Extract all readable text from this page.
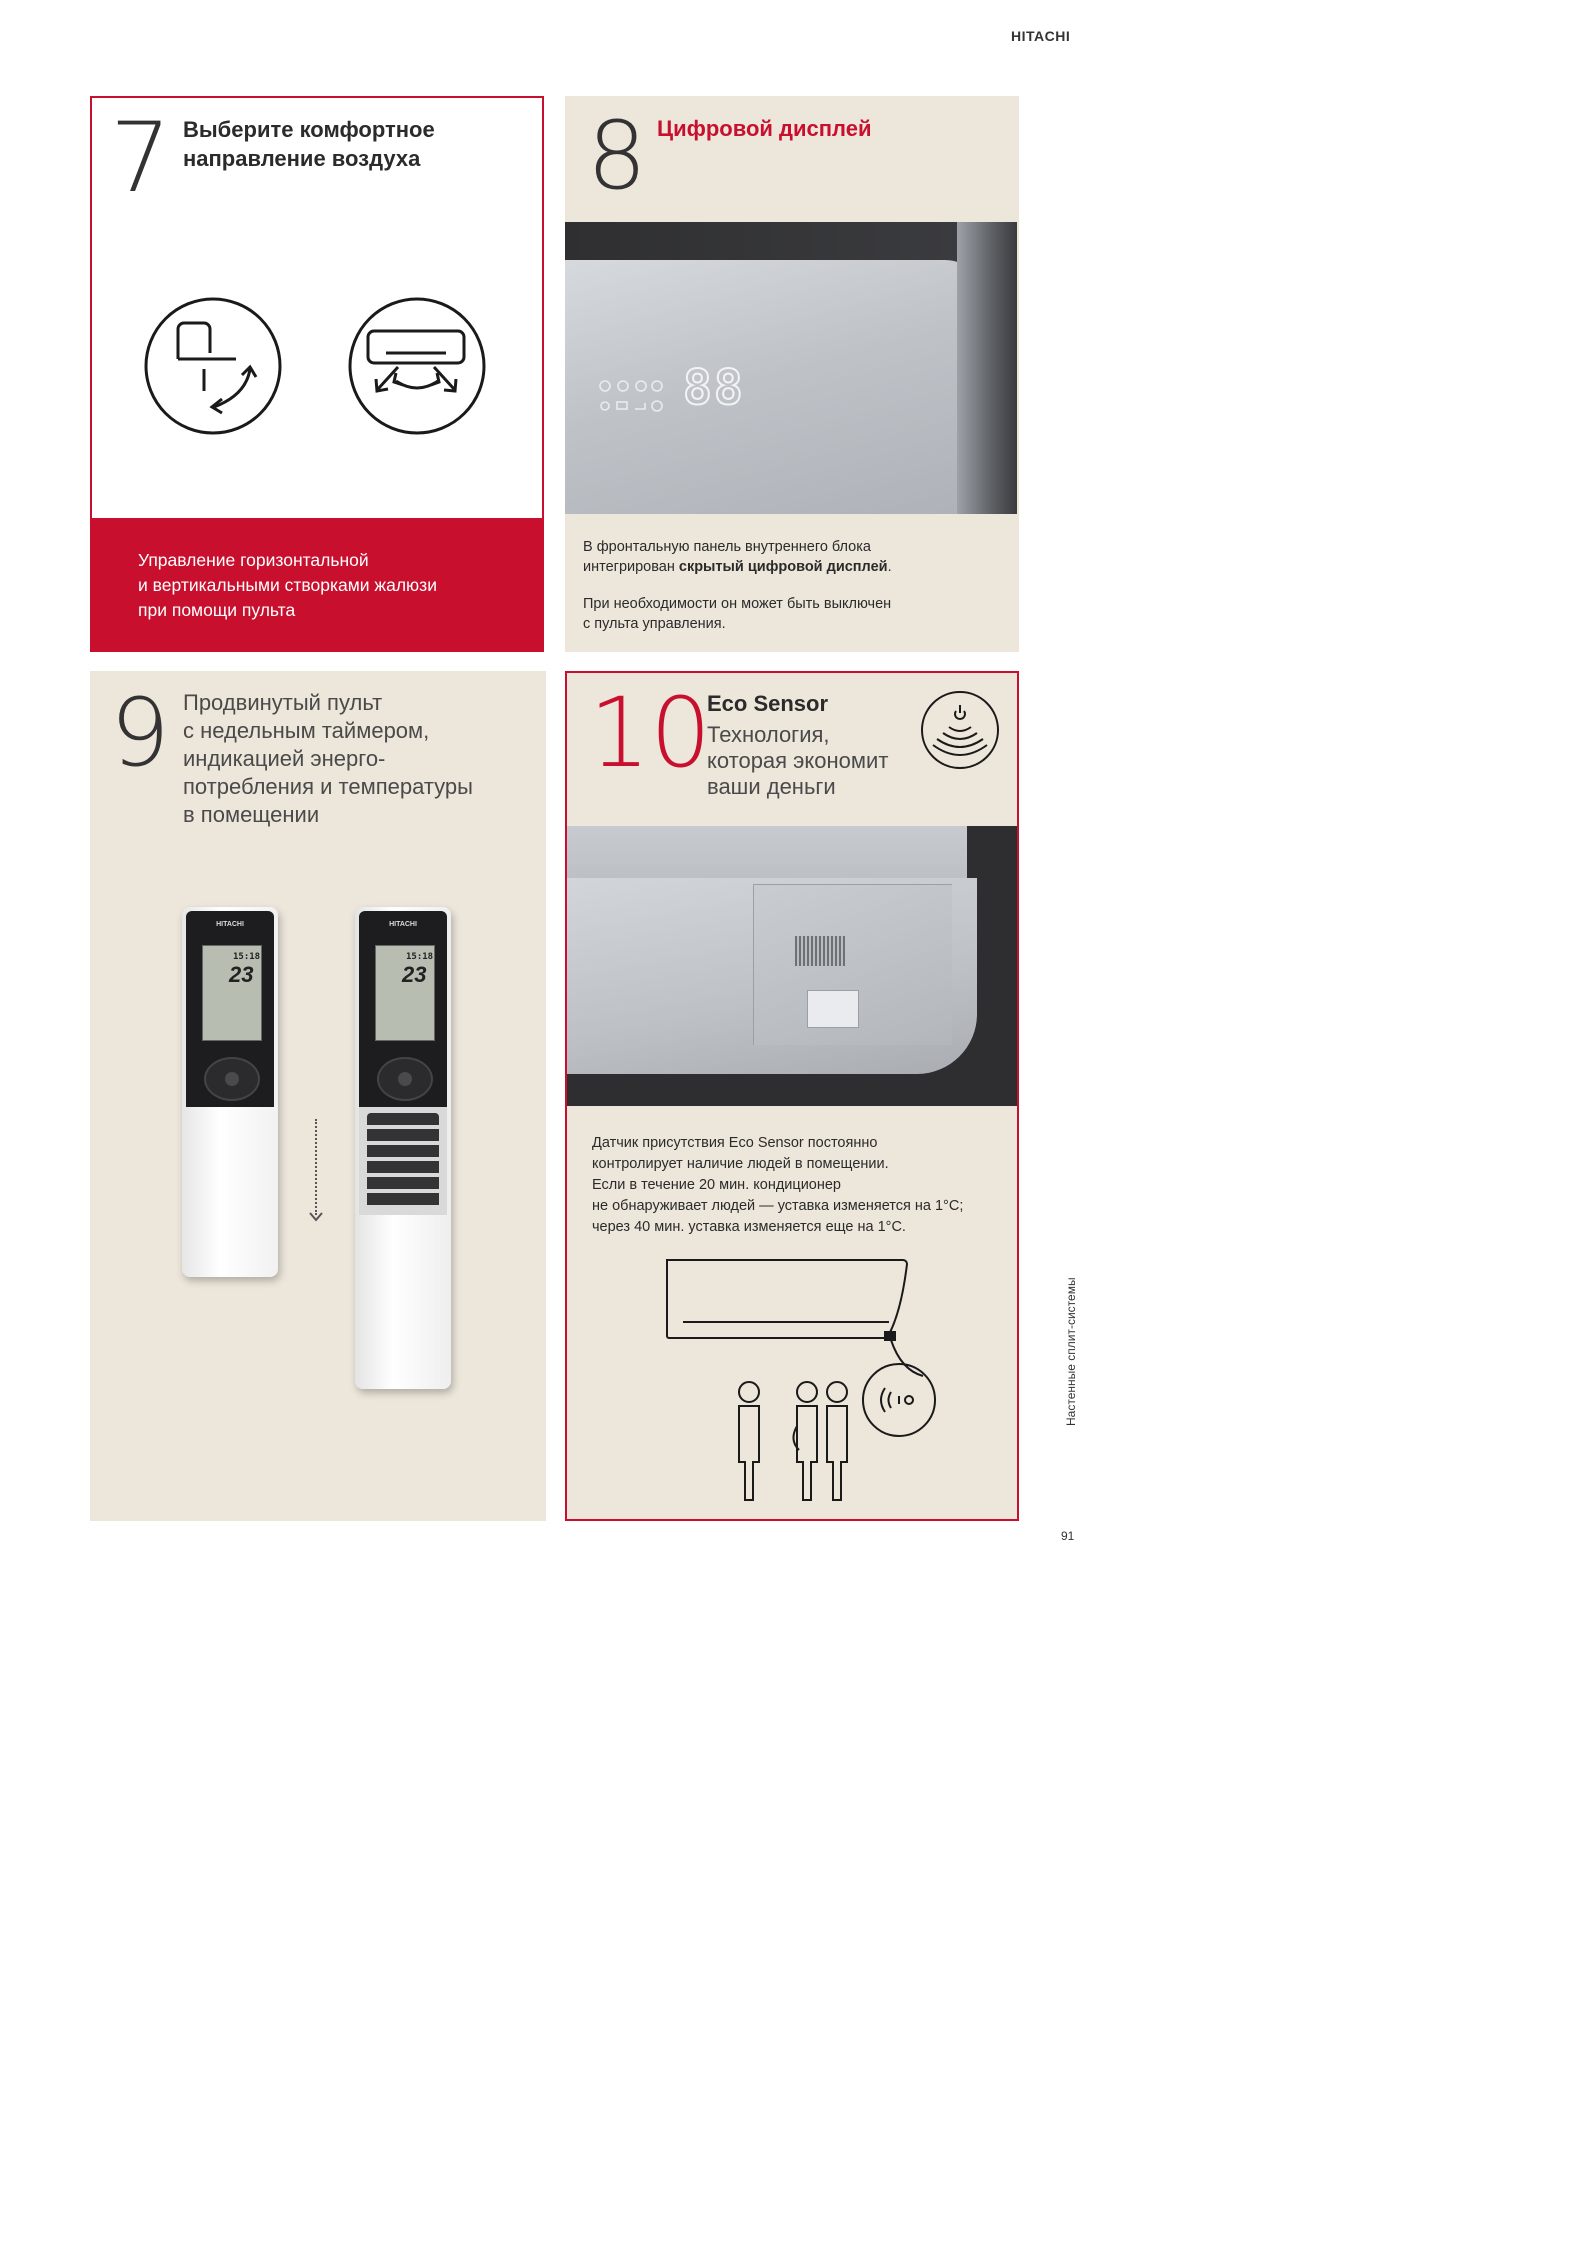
HITACHI
7 Выберите комфортное
направление воздуха
Управление горизонтальной
и вертикальными створками жалюзи
при помощи пульта
8 Цифровой дисплей
88
В фронтальную панель внутреннего блока
интегрирован скрытый цифровой дисплей.
При необходимости он может быть выключен
с пульта управления.
9 Продвинутый пульт
с недельным таймером,
индикацией энерго-
потребления и температуры
в помещении
HITACHI
15:18
23
HITACHI
15:18
23
10
Eco Sensor
Технология,
которая экономит
ваши деньги
Датчик присутствия Eco Sensor постоянно
контролирует наличие людей в помещении.
Если в течение 20 мин. кондиционер
не обнаруживает людей — уставка изменяется на 1°C;
через 40 мин. уставка изменяется еще на 1°C.
Настенные сплит-системы
91
